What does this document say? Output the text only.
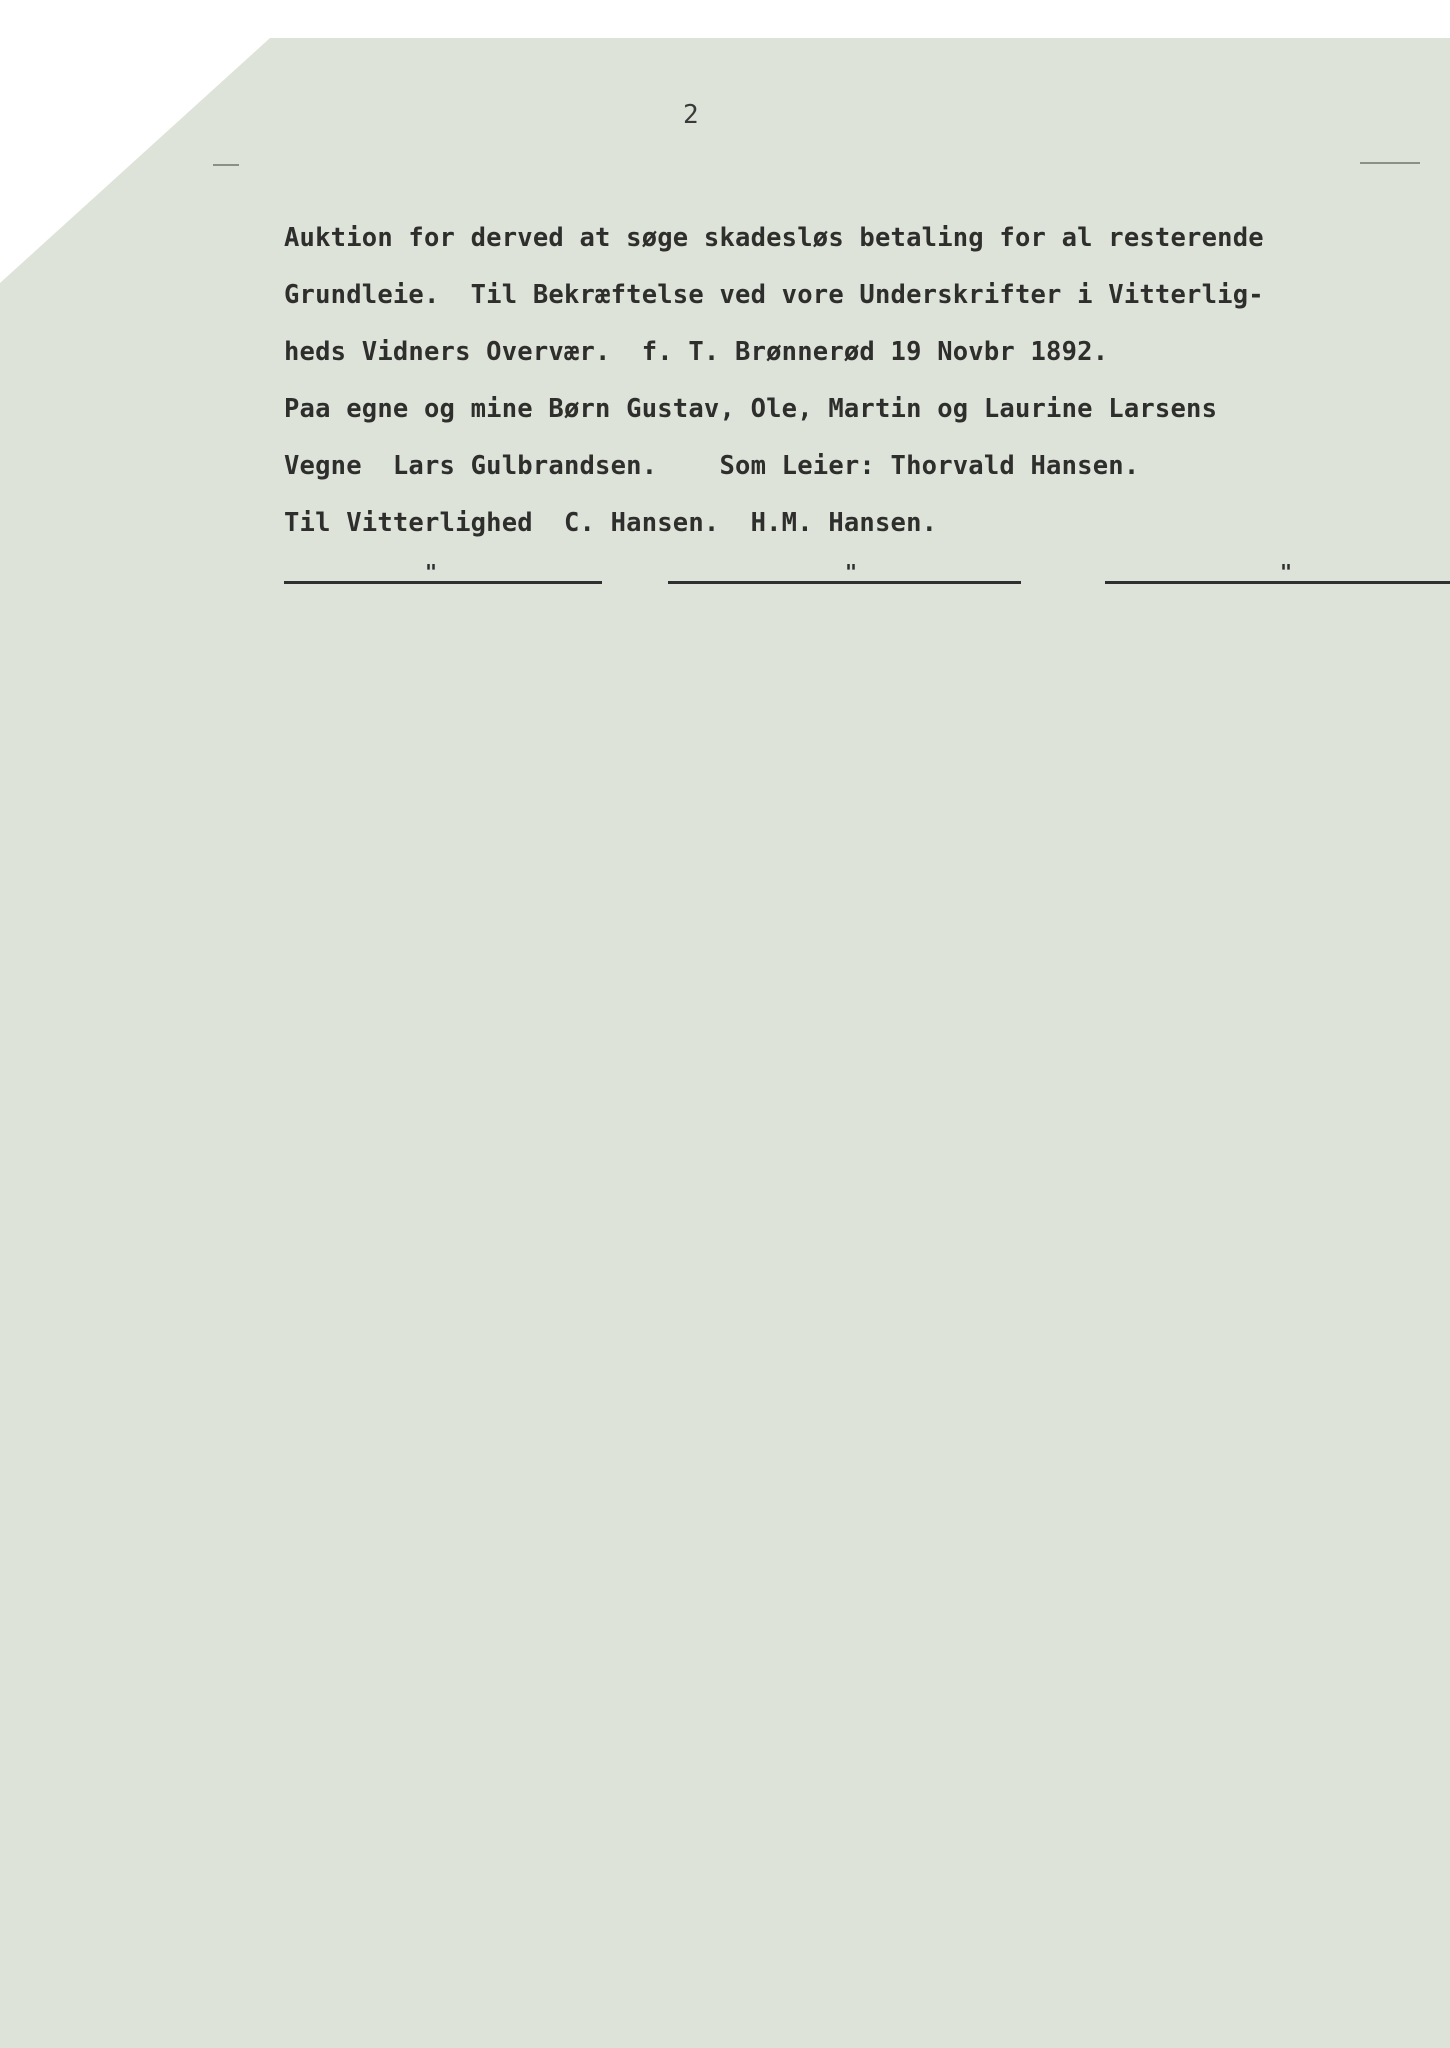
2
Auktion for derved at søge skadesløs betaling for al resterende
Grundleie.  Til Bekræftelse ved vore Underskrifter i Vitterlig-
heds Vidners Overvær.  f. T. Brønnerød 19 Novbr 1892.
Paa egne og mine Børn Gustav, Ole, Martin og Laurine Larsens
Vegne  Lars Gulbrandsen.    Som Leier: Thorvald Hansen.
Til Vitterlighed  C. Hansen.  H.M. Hansen.
"	"	"
